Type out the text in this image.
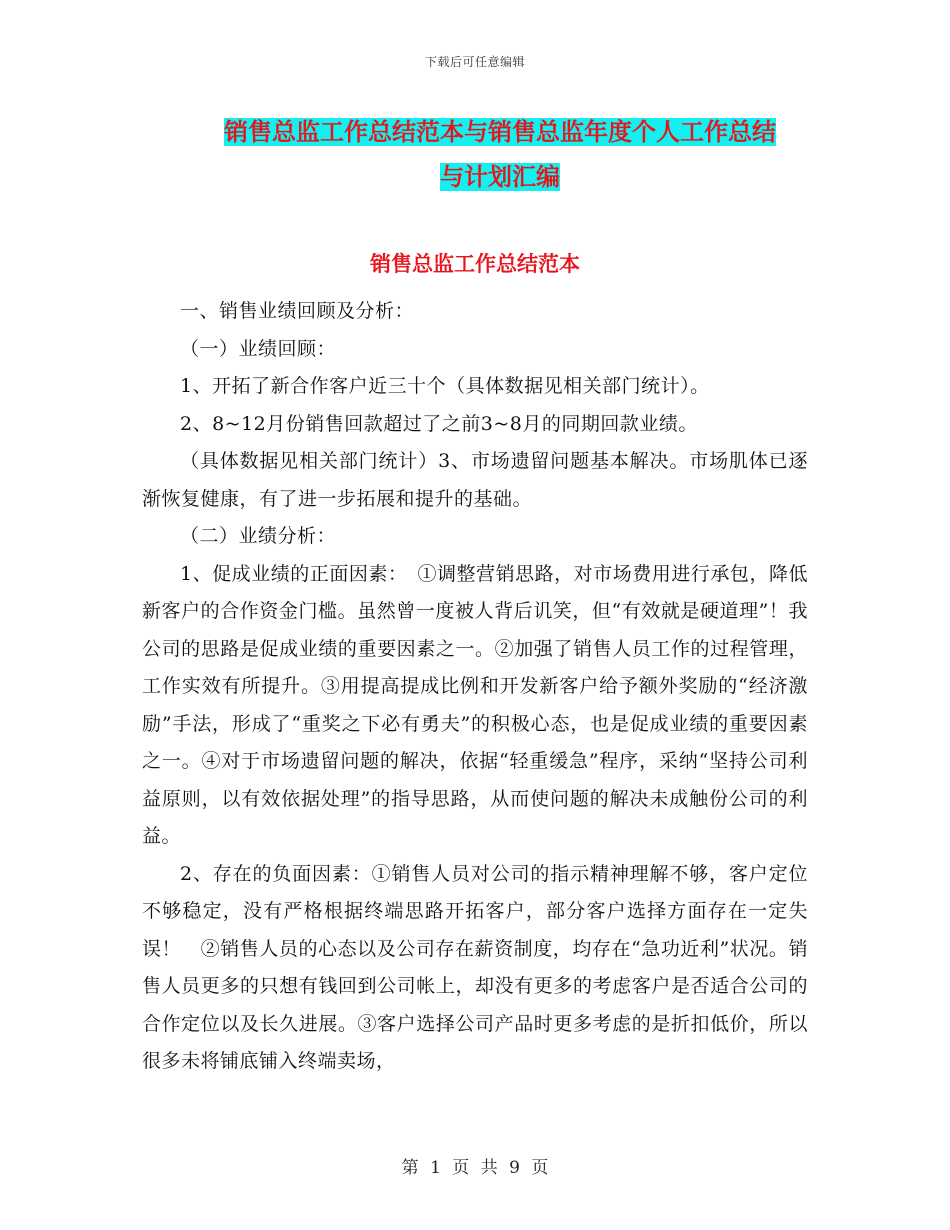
下载后可任意编辑
销售总监工作总结范本与销售总监年度个人工作总结
与计划汇编
销售总监工作总结范本

一、销售业绩回顾及分析：

（一）业绩回顾：

1、开拓了新合作客户近三十个（具体数据见相关部门统计）。

2、8~12月份销售回款超过了之前3~8月的同期回款业绩。

（具体数据见相关部门统计）3、市场遗留问题基本解决。市场肌体已逐渐恢复健康，有了进一步拓展和提升的基础。

（二）业绩分析：

1、促成业绩的正面因素：　①调整营销思路，对市场费用进行承包，降低新客户的合作资金门槛。虽然曾一度被人背后讥笑，但“有效就是硬道理”！我公司的思路是促成业绩的重要因素之一。②加强了销售人员工作的过程管理，工作实效有所提升。③用提高提成比例和开发新客户给予额外奖励的“经济激励”手法，形成了“重奖之下必有勇夫”的积极心态，也是促成业绩的重要因素之一。④对于市场遗留问题的解决，依据“轻重缓急”程序，采纳“坚持公司利益原则，以有效依据处理”的指导思路，从而使问题的解决未成触份公司的利益。

2、存在的负面因素：①销售人员对公司的指示精神理解不够，客户定位不够稳定，没有严格根据终端思路开拓客户，部分客户选择方面存在一定失误！　②销售人员的心态以及公司存在薪资制度，均存在“急功近利”状况。销售人员更多的只想有钱回到公司帐上，却没有更多的考虑客户是否适合公司的合作定位以及长久进展。③客户选择公司产品时更多考虑的是折扣低价，所以很多未将铺底铺入终端卖场，

第 1 页 共 9 页
